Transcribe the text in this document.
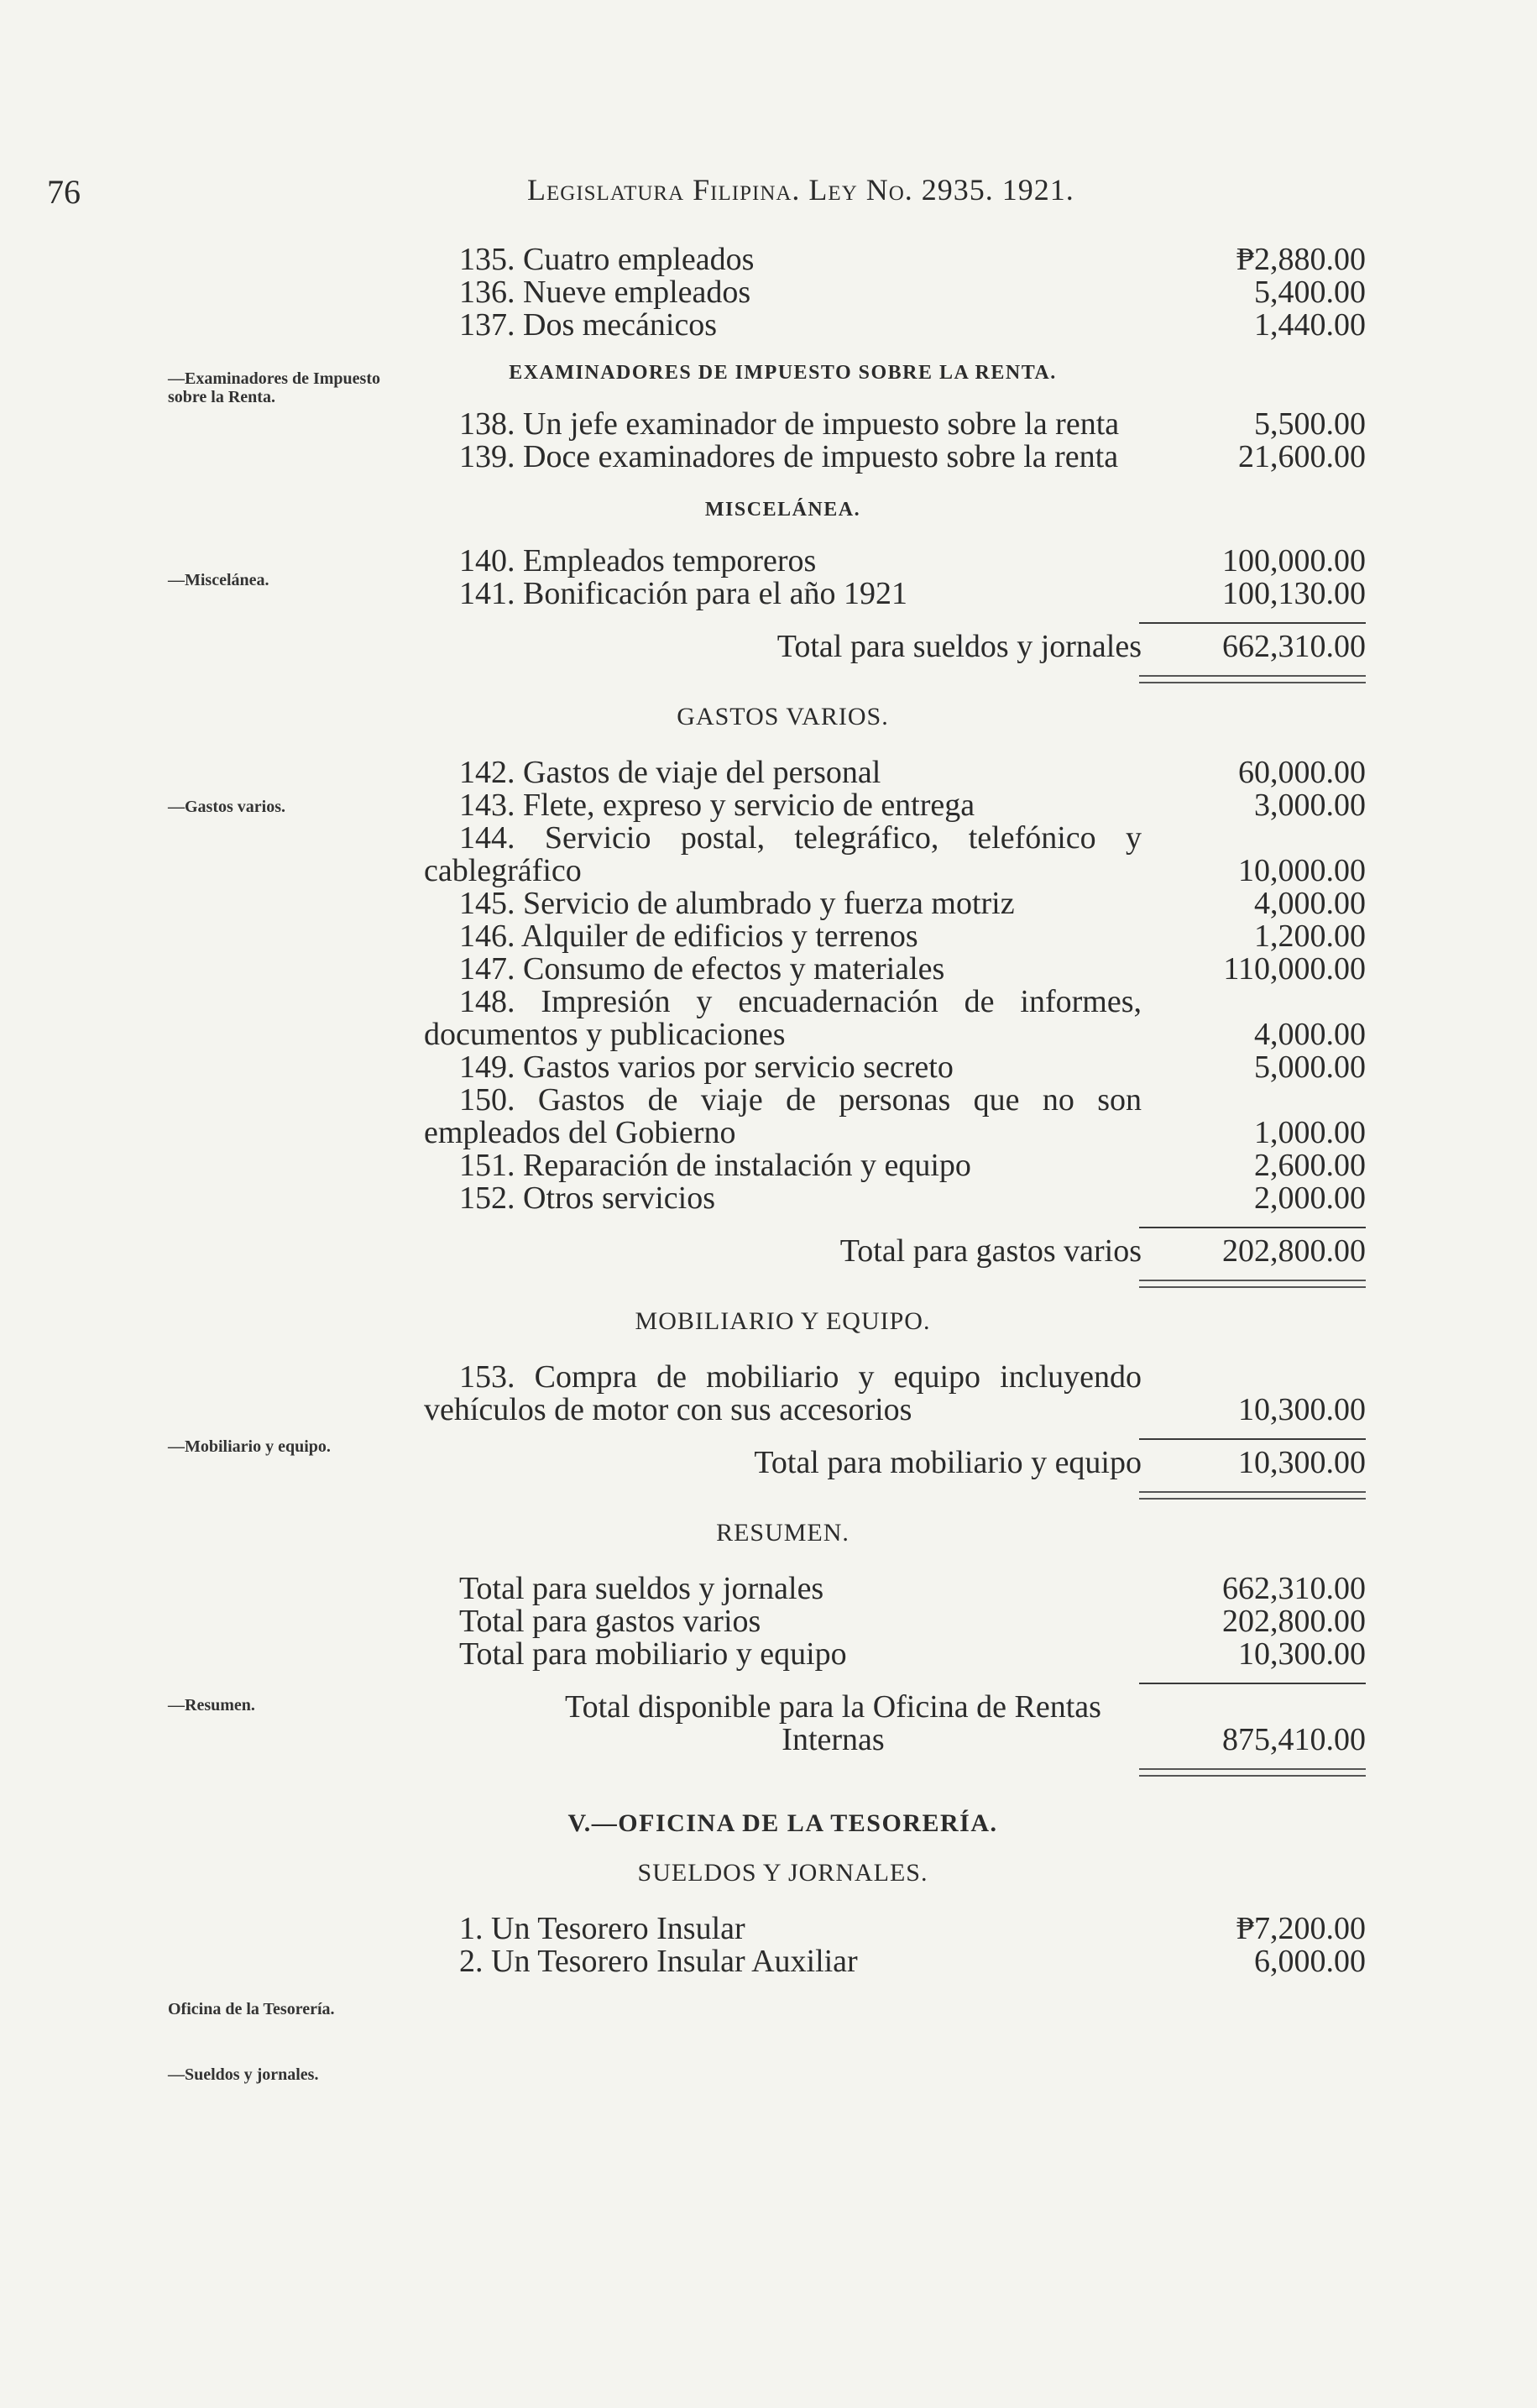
76	Legislatura Filipina. Ley No. 2935. 1921.
—Examinadores de Impuesto sobre la Renta.
—Miscelánea.
—Gastos varios.
—Mobiliario y equipo.
—Resumen.
Oficina de la Tesorería.
—Sueldos y jornales.
135. Cuatro empleados	₱2,880.00
136. Nueve empleados	5,400.00
137. Dos mecánicos	1,440.00
EXAMINADORES DE IMPUESTO SOBRE LA RENTA.
138. Un jefe examinador de impuesto sobre la renta	5,500.00
139. Doce examinadores de impuesto sobre la renta	21,600.00
MISCELÁNEA.
140. Empleados temporeros	100,000.00
141. Bonificación para el año 1921	100,130.00
Total para sueldos y jornales	662,310.00
GASTOS VARIOS.
142. Gastos de viaje del personal	60,000.00
143. Flete, expreso y servicio de entrega	3,000.00
144. Servicio postal, telegráfico, telefónico y cablegráfico	10,000.00
145. Servicio de alumbrado y fuerza motriz	4,000.00
146. Alquiler de edificios y terrenos	1,200.00
147. Consumo de efectos y materiales	110,000.00
148. Impresión y encuadernación de informes, documentos y publicaciones	4,000.00
149. Gastos varios por servicio secreto	5,000.00
150. Gastos de viaje de personas que no son empleados del Gobierno	1,000.00
151. Reparación de instalación y equipo	2,600.00
152. Otros servicios	2,000.00
Total para gastos varios	202,800.00
MOBILIARIO Y EQUIPO.
153. Compra de mobiliario y equipo incluyendo vehículos de motor con sus accesorios	10,300.00
Total para mobiliario y equipo	10,300.00
RESUMEN.
Total para sueldos y jornales	662,310.00
Total para gastos varios	202,800.00
Total para mobiliario y equipo	10,300.00
Total disponible para la Oficina de Rentas Internas	875,410.00
V.—OFICINA DE LA TESORERÍA.
SUELDOS Y JORNALES.
1. Un Tesorero Insular	₱7,200.00
2. Un Tesorero Insular Auxiliar	6,000.00
